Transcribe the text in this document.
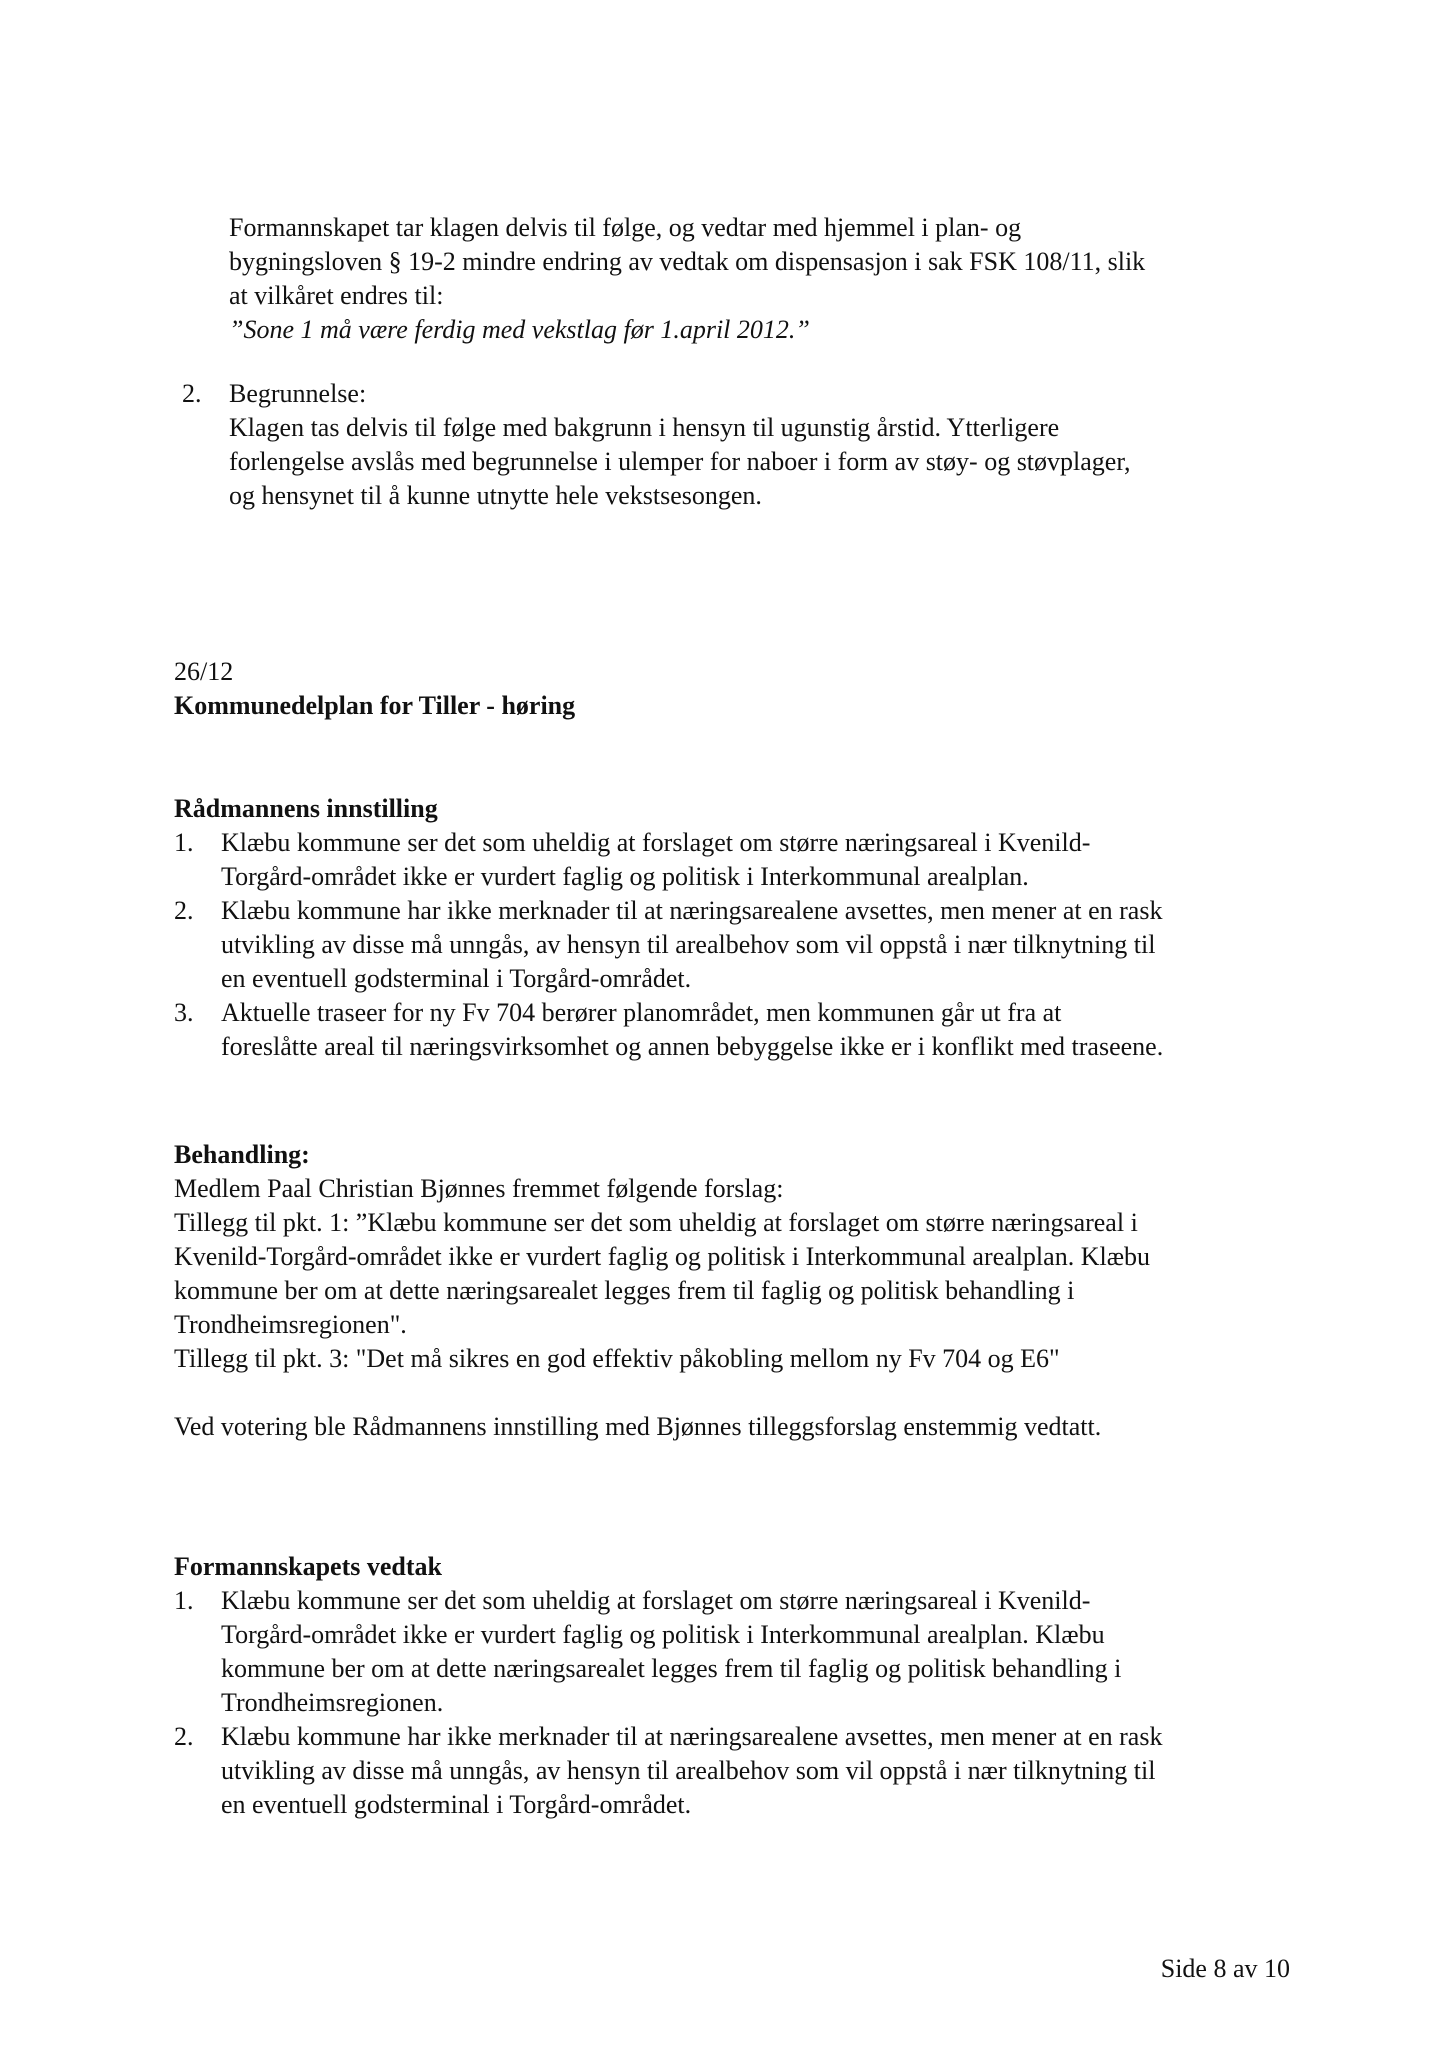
Formannskapet tar klagen delvis til følge, og vedtar med hjemmel i plan- og

bygningsloven § 19-2 mindre endring av vedtak om dispensasjon i sak FSK 108/11, slik

at vilkåret endres til:

”Sone 1 må være ferdig med vekstlag før 1.april 2012.”

2. Begrunnelse:

Klagen tas delvis til følge med bakgrunn i hensyn til ugunstig årstid. Ytterligere

forlengelse avslås med begrunnelse i ulemper for naboer i form av støy- og støvplager,

og hensynet til å kunne utnytte hele vekstsesongen.

26/12

Kommunedelplan for Tiller - høring

Rådmannens innstilling

1. Klæbu kommune ser det som uheldig at forslaget om større næringsareal i Kvenild-

Torgård-området ikke er vurdert faglig og politisk i Interkommunal arealplan.

2. Klæbu kommune har ikke merknader til at næringsarealene avsettes, men mener at en rask

utvikling av disse må unngås, av hensyn til arealbehov som vil oppstå i nær tilknytning til

en eventuell godsterminal i Torgård-området.

3. Aktuelle traseer for ny Fv 704 berører planområdet, men kommunen går ut fra at

foreslåtte areal til næringsvirksomhet og annen bebyggelse ikke er i konflikt med traseene.

Behandling:

Medlem Paal Christian Bjønnes fremmet følgende forslag:

Tillegg til pkt. 1: ”Klæbu kommune ser det som uheldig at forslaget om større næringsareal i

Kvenild-Torgård-området ikke er vurdert faglig og politisk i Interkommunal arealplan. Klæbu

kommune ber om at dette næringsarealet legges frem til faglig og politisk behandling i

Trondheimsregionen".

Tillegg til pkt. 3: "Det må sikres en god effektiv påkobling mellom ny Fv 704 og E6"

Ved votering ble Rådmannens innstilling med Bjønnes tilleggsforslag enstemmig vedtatt.

Formannskapets vedtak

1. Klæbu kommune ser det som uheldig at forslaget om større næringsareal i Kvenild-

Torgård-området ikke er vurdert faglig og politisk i Interkommunal arealplan. Klæbu

kommune ber om at dette næringsarealet legges frem til faglig og politisk behandling i

Trondheimsregionen.

2. Klæbu kommune har ikke merknader til at næringsarealene avsettes, men mener at en rask

utvikling av disse må unngås, av hensyn til arealbehov som vil oppstå i nær tilknytning til

en eventuell godsterminal i Torgård-området.

Side 8 av 10
